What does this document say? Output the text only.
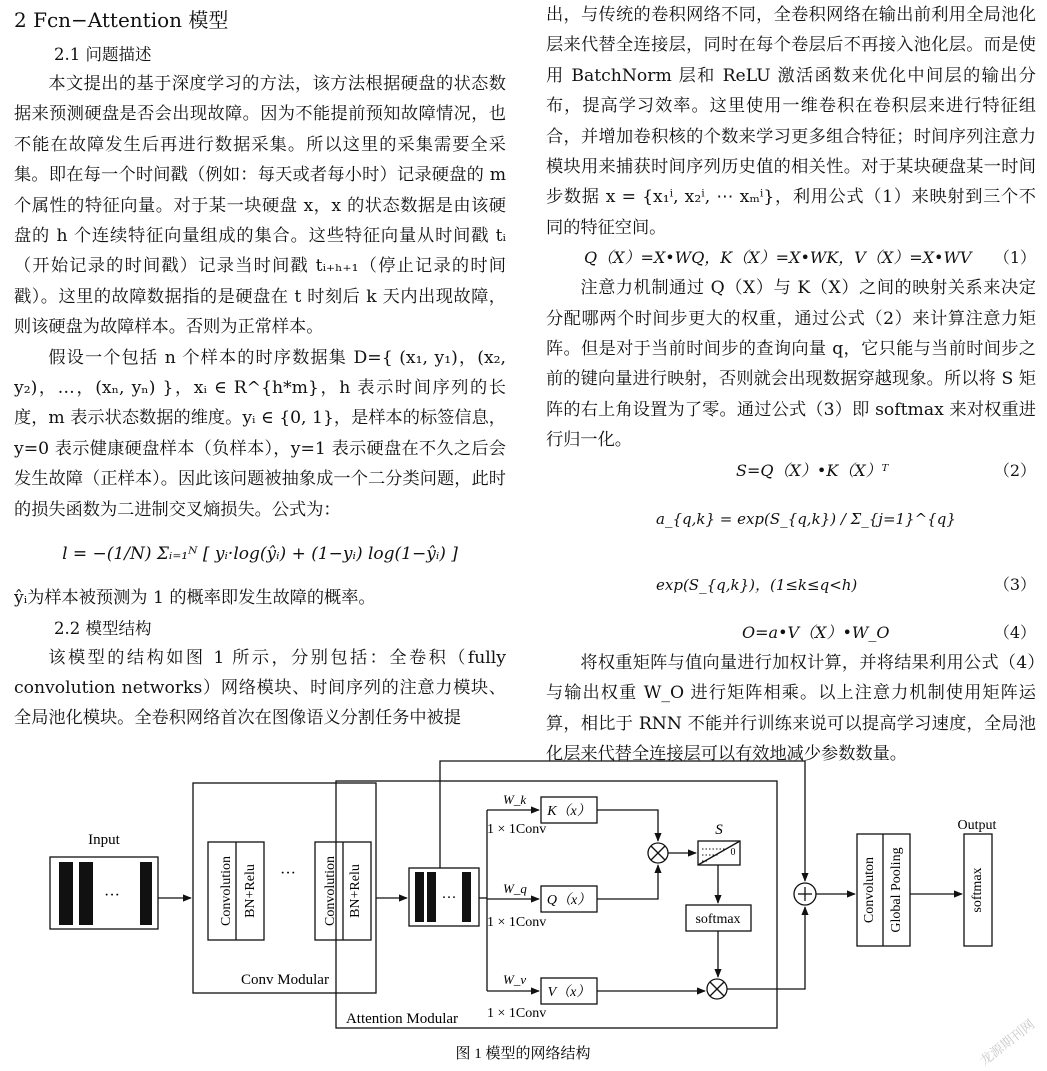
2 Fcn−Attention 模型

2.1 问题描述

本文提出的基于深度学习的方法，该方法根据硬盘的状态数据来预测硬盘是否会出现故障。因为不能提前预知故障情况，也不能在故障发生后再进行数据采集。所以这里的采集需要全采集。即在每一个时间戳（例如：每天或者每小时）记录硬盘的 m 个属性的特征向量。对于某一块硬盘 x，x 的状态数据是由该硬盘的 h 个连续特征向量组成的集合。这些特征向量从时间戳 tᵢ（开始记录的时间戳）记录当时间戳 tᵢ₊ₕ₊₁（停止记录的时间戳）。这里的故障数据指的是硬盘在 t 时刻后 k 天内出现故障，则该硬盘为故障样本。否则为正常样本。

假设一个包括 n 个样本的时序数据集 D={ (x₁, y₁)，(x₂, y₂)，…，(xₙ, yₙ) }，xᵢ ∈ R^{h*m}，h 表示时间序列的长度，m 表示状态数据的维度。yᵢ ∈ {0, 1}，是样本的标签信息，y=0 表示健康硬盘样本（负样本），y=1 表示硬盘在不久之后会发生故障（正样本）。因此该问题被抽象成一个二分类问题，此时的损失函数为二进制交叉熵损失。公式为：

l = −(1/N) Σᵢ₌₁ᴺ [ yᵢ·log(ŷᵢ) + (1−yᵢ) log(1−ŷᵢ) ]

ŷᵢ为样本被预测为 1 的概率即发生故障的概率。

2.2 模型结构

该模型的结构如图 1 所示，分别包括：全卷积（fully convolution networks）网络模块、时间序列的注意力模块、全局池化模块。全卷积网络首次在图像语义分割任务中被提

出，与传统的卷积网络不同，全卷积网络在输出前利用全局池化层来代替全连接层，同时在每个卷层后不再接入池化层。而是使用 BatchNorm 层和 ReLU 激活函数来优化中间层的输出分布，提高学习效率。这里使用一维卷积在卷积层来进行特征组合，并增加卷积核的个数来学习更多组合特征；时间序列注意力模块用来捕获时间序列历史值的相关性。对于某块硬盘某一时间步数据 x = {x₁ⁱ, x₂ⁱ, ⋯ xₘⁱ}，利用公式（1）来映射到三个不同的特征空间。

Q（X）=X•WQ，K（X）=X•WK，V（X）=X•WV （1）

注意力机制通过 Q（X）与 K（X）之间的映射关系来决定分配哪两个时间步更大的权重，通过公式（2）来计算注意力矩阵。但是对于当前时间步的查询向量 q，它只能与当前时间步之前的键向量进行映射，否则就会出现数据穿越现象。所以将 S 矩阵的右上角设置为了零。通过公式（3）即 softmax 来对权重进行归一化。

S=Q（X）•K（X）ᵀ	（2）

a_{q,k} = exp(S_{q,k}) / Σ_{j=1}^{q} exp(S_{q,k})，(1≤k≤q<h)	（3）

O=a•V（X）•W_O	（4）

将权重矩阵与值向量进行加权计算，并将结果利用公式（4）与输出权重 W_O 进行矩阵相乘。以上注意力机制使用矩阵运算，相比于 RNN 不能并行训练来说可以提高学习速度，全局池化层来代替全连接层可以有效地减少参数数量。

Input
···	Convolution BN+Relu ··· Convolution BN+Relu
Conv Modular
···
Attention Modular
W_k
1 × 1Conv
W_q
1 × 1Conv
W_v
1 × 1Conv
K（x）
Q（x）
V（x）
S
0
softmax	Convoluton Global Pooling
Output
softmax
图 1 模型的网络结构	龙源期刊网
